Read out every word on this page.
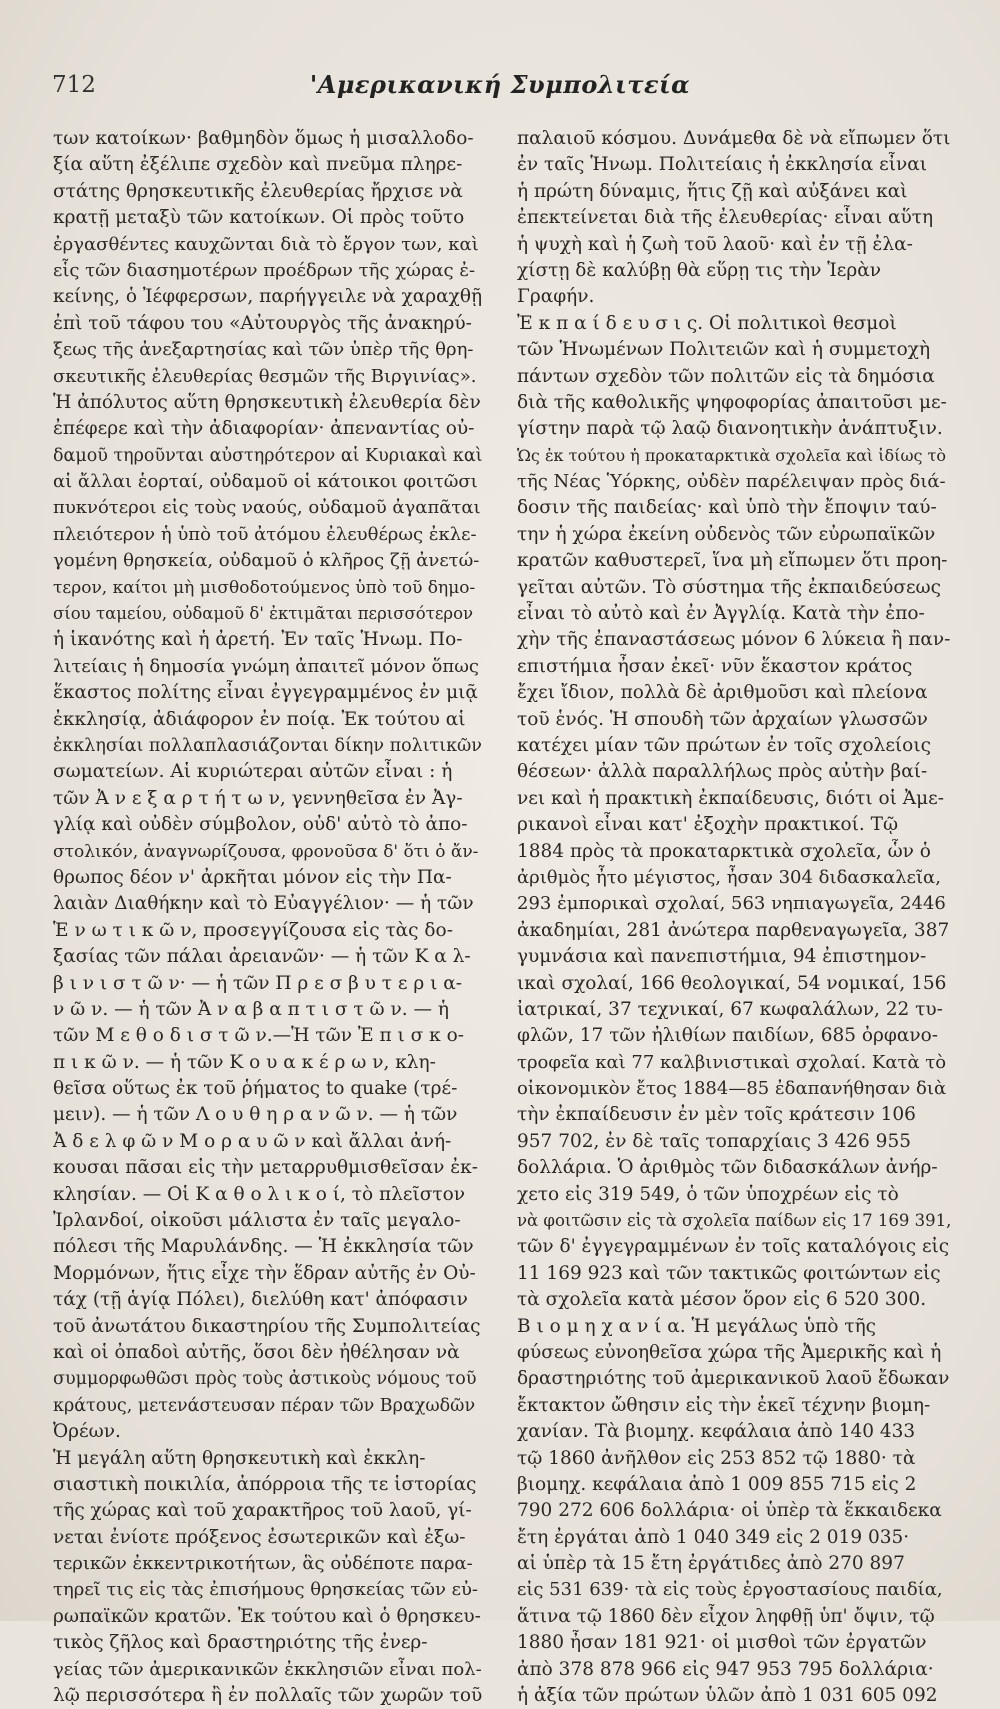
712	'Αμερικανική Συμπολιτεία
των κατοίκων· βαθμηδὸν ὅμως ἡ μισαλλοδο-
ξία αὕτη ἐξέλιπε σχεδὸν καὶ πνεῦμα πληρε-
στάτης θρησκευτικῆς ἐλευθερίας ἤρχισε νὰ
κρατῇ μεταξὺ τῶν κατοίκων. Οἱ πρὸς τοῦτο
ἐργασθέντες καυχῶνται διὰ τὸ ἔργον των, καὶ
εἷς τῶν διασημοτέρων προέδρων τῆς χώρας ἐ-
κείνης, ὁ Ἰέφφερσων, παρήγγειλε νὰ χαραχθῇ
ἐπὶ τοῦ τάφου του «Αὐτουργὸς τῆς ἀνακηρύ-
ξεως τῆς ἀνεξαρτησίας καὶ τῶν ὑπὲρ τῆς θρη-
σκευτικῆς ἐλευθερίας θεσμῶν τῆς Βιργινίας».
Ἡ ἀπόλυτος αὕτη θρησκευτικὴ ἐλευθερία δὲν
ἐπέφερε καὶ τὴν ἀδιαφορίαν· ἀπεναντίας οὐ-
δαμοῦ τηροῦνται αὐστηρότερον αἱ Κυριακαὶ καὶ
αἱ ἄλλαι ἑορταί, οὐδαμοῦ οἱ κάτοικοι φοιτῶσι
πυκνότεροι εἰς τοὺς ναούς, οὐδαμοῦ ἀγαπᾶται
πλειότερον ἡ ὑπὸ τοῦ ἀτόμου ἐλευθέρως ἐκλε-
γομένη θρησκεία, οὐδαμοῦ ὁ κλῆρος ζῇ ἀνετώ-
τερον, καίτοι μὴ μισθοδοτούμενος ὑπὸ τοῦ δημο-
σίου ταμείου, οὐδαμοῦ δ' ἐκτιμᾶται περισσότερον
ἡ ἱκανότης καὶ ἡ ἀρετή. Ἐν ταῖς Ἡνωμ. Πο-
λιτείαις ἡ δημοσία γνώμη ἀπαιτεῖ μόνον ὅπως
ἕκαστος πολίτης εἶναι ἐγγεγραμμένος ἐν μιᾷ
ἐκκλησίᾳ, ἀδιάφορον ἐν ποίᾳ. Ἐκ τούτου αἱ
ἐκκλησίαι πολλαπλασιάζονται δίκην πολιτικῶν
σωματείων. Αἱ κυριώτεραι αὐτῶν εἶναι : ἡ
τῶν Ἀ ν ε ξ α ρ τ ή τ ω ν, γεννηθεῖσα ἐν Ἀγ-
γλίᾳ καὶ οὐδὲν σύμβολον, οὐδ' αὐτὸ τὸ ἀπο-
στολικόν, ἀναγνωρίζουσα, φρονοῦσα δ' ὅτι ὁ ἄν-
θρωπος δέον ν' ἀρκῆται μόνον εἰς τὴν Πα-
λαιὰν Διαθήκην καὶ τὸ Εὐαγγέλιον· — ἡ τῶν
Ἑ ν ω τ ι κ ῶ ν, προσεγγίζουσα εἰς τὰς δο-
ξασίας τῶν πάλαι ἀρειανῶν· — ἡ τῶν Κ α λ-
β ι ν ι σ τ ῶ ν· — ἡ τῶν Π ρ ε σ β υ τ ε ρ ι α-
ν ῶ ν. — ἡ τῶν Ἀ ν α β α π τ ι σ τ ῶ ν. — ἡ
τῶν Μ ε θ ο δ ι σ τ ῶ ν.—Ἡ τῶν Ἐ π ι σ κ ο-
π ι κ ῶ ν. — ἡ τῶν Κ ο υ α κ έ ρ ω ν, κλη-
θεῖσα οὕτως ἐκ τοῦ ῥήματος to quake (τρέ-
μειν). — ἡ τῶν Λ ο υ θ η ρ α ν ῶ ν. — ἡ τῶν
Ἀ δ ε λ φ ῶ ν Μ ο ρ α υ ῶ ν καὶ ἄλλαι ἀνή-
κουσαι πᾶσαι εἰς τὴν μεταρρυθμισθεῖσαν ἐκ-
κλησίαν. — Οἱ Κ α θ ο λ ι κ ο ί, τὸ πλεῖστον
Ἰρλανδοί, οἰκοῦσι μάλιστα ἐν ταῖς μεγαλο-
πόλεσι τῆς Μαρυλάνδης. — Ἡ ἐκκλησία τῶν
Μορμόνων, ἥτις εἶχε τὴν ἕδραν αὐτῆς ἐν Οὐ-
τάχ (τῇ ἁγίᾳ Πόλει), διελύθη κατ' ἀπόφασιν
τοῦ ἀνωτάτου δικαστηρίου τῆς Συμπολιτείας
καὶ οἱ ὀπαδοὶ αὐτῆς, ὅσοι δὲν ἠθέλησαν νὰ
συμμορφωθῶσι πρὸς τοὺς ἀστικοὺς νόμους τοῦ
κράτους, μετενάστευσαν πέραν τῶν Βραχωδῶν
Ὀρέων.
Ἡ μεγάλη αὕτη θρησκευτικὴ καὶ ἐκκλη-
σιαστικὴ ποικιλία, ἀπόρροια τῆς τε ἱστορίας
τῆς χώρας καὶ τοῦ χαρακτῆρος τοῦ λαοῦ, γί-
νεται ἐνίοτε πρόξενος ἐσωτερικῶν καὶ ἐξω-
τερικῶν ἐκκεντρικοτήτων, ἃς οὐδέποτε παρα-
τηρεῖ τις εἰς τὰς ἐπισήμους θρησκείας τῶν εὐ-
ρωπαϊκῶν κρατῶν. Ἐκ τούτου καὶ ὁ θρησκευ-
τικὸς ζῆλος καὶ δραστηριότης τῆς ἐνερ-
γείας τῶν ἀμερικανικῶν ἐκκλησιῶν εἶναι πολ-
λῷ περισσότερα ἢ ἐν πολλαῖς τῶν χωρῶν τοῦ
παλαιοῦ κόσμου. Δυνάμεθα δὲ νὰ εἴπωμεν ὅτι
ἐν ταῖς Ἡνωμ. Πολιτείαις ἡ ἐκκλησία εἶναι
ἡ πρώτη δύναμις, ἥτις ζῇ καὶ αὐξάνει καὶ
ἐπεκτείνεται διὰ τῆς ἐλευθερίας· εἶναι αὕτη
ἡ ψυχὴ καὶ ἡ ζωὴ τοῦ λαοῦ· καὶ ἐν τῇ ἐλα-
χίστῃ δὲ καλύβῃ θὰ εὕρῃ τις τὴν Ἱερὰν
Γραφήν.
Ἐ κ π α ί δ ε υ σ ι ς. Οἱ πολιτικοὶ θεσμοὶ
τῶν Ἡνωμένων Πολιτειῶν καὶ ἡ συμμετοχὴ
πάντων σχεδὸν τῶν πολιτῶν εἰς τὰ δημόσια
διὰ τῆς καθολικῆς ψηφοφορίας ἀπαιτοῦσι με-
γίστην παρὰ τῷ λαῷ διανοητικὴν ἀνάπτυξιν.
Ὡς ἐκ τούτου ἡ προκαταρκτικὰ σχολεῖα καὶ ἰδίως τὸ
τῆς Νέας Ὑόρκης, οὐδὲν παρέλειψαν πρὸς διά-
δοσιν τῆς παιδείας· καὶ ὑπὸ τὴν ἔποψιν ταύ-
την ἡ χώρα ἐκείνη οὐδενὸς τῶν εὐρωπαϊκῶν
κρατῶν καθυστερεῖ, ἵνα μὴ εἴπωμεν ὅτι προη-
γεῖται αὐτῶν. Τὸ σύστημα τῆς ἐκπαιδεύσεως
εἶναι τὸ αὐτὸ καὶ ἐν Ἀγγλίᾳ. Κατὰ τὴν ἐπο-
χὴν τῆς ἐπαναστάσεως μόνον 6 λύκεια ἢ παν-
επιστήμια ἦσαν ἐκεῖ· νῦν ἕκαστον κράτος
ἔχει ἴδιον, πολλὰ δὲ ἀριθμοῦσι καὶ πλείονα
τοῦ ἑνός. Ἡ σπουδὴ τῶν ἀρχαίων γλωσσῶν
κατέχει μίαν τῶν πρώτων ἐν τοῖς σχολείοις
θέσεων· ἀλλὰ παραλλήλως πρὸς αὐτὴν βαί-
νει καὶ ἡ πρακτικὴ ἐκπαίδευσις, διότι οἱ Ἀμε-
ρικανοὶ εἶναι κατ' ἐξοχὴν πρακτικοί. Τῷ
1884 πρὸς τὰ προκαταρκτικὰ σχολεῖα, ὧν ὁ
ἀριθμὸς ἦτο μέγιστος, ἦσαν 304 διδασκαλεῖα,
293 ἐμπορικαὶ σχολαί, 563 νηπιαγωγεῖα, 2446
ἀκαδημίαι, 281 ἀνώτερα παρθεναγωγεῖα, 387
γυμνάσια καὶ πανεπιστήμια, 94 ἐπιστημον-
ικαὶ σχολαί, 166 θεολογικαί, 54 νομικαί, 156
ἰατρικαί, 37 τεχνικαί, 67 κωφαλάλων, 22 τυ-
φλῶν, 17 τῶν ἠλιθίων παιδίων, 685 ὀρφανο-
τροφεῖα καὶ 77 καλβινιστικαὶ σχολαί. Κατὰ τὸ
οἰκονομικὸν ἔτος 1884—85 ἐδαπανήθησαν διὰ
τὴν ἐκπαίδευσιν ἐν μὲν τοῖς κράτεσιν 106
957 702, ἐν δὲ ταῖς τοπαρχίαις 3 426 955
δολλάρια. Ὁ ἀριθμὸς τῶν διδασκάλων ἀνήρ-
χετο εἰς 319 549, ὁ τῶν ὑποχρέων εἰς τὸ
νὰ φοιτῶσιν εἰς τὰ σχολεῖα παίδων εἰς 17 169 391,
τῶν δ' ἐγγεγραμμένων ἐν τοῖς καταλόγοις εἰς
11 169 923 καὶ τῶν τακτικῶς φοιτώντων εἰς
τὰ σχολεῖα κατὰ μέσον ὅρον εἰς 6 520 300.
Β ι ο μ η χ α ν ί α. Ἡ μεγάλως ὑπὸ τῆς
φύσεως εὐνοηθεῖσα χώρα τῆς Ἀμερικῆς καὶ ἡ
δραστηριότης τοῦ ἀμερικανικοῦ λαοῦ ἔδωκαν
ἔκτακτον ὤθησιν εἰς τὴν ἐκεῖ τέχνην βιομη-
χανίαν. Τὰ βιομηχ. κεφάλαια ἀπὸ 140 433
τῷ 1860 ἀνῆλθον εἰς 253 852 τῷ 1880· τὰ
βιομηχ. κεφάλαια ἀπὸ 1 009 855 715 εἰς 2
790 272 606 δολλάρια· οἱ ὑπὲρ τὰ ἕκκαιδεκα
ἔτη ἐργάται ἀπὸ 1 040 349 εἰς 2 019 035·
αἱ ὑπὲρ τὰ 15 ἔτη ἐργάτιδες ἀπὸ 270 897
εἰς 531 639· τὰ εἰς τοὺς ἐργοστασίους παιδία,
ἅτινα τῷ 1860 δὲν εἶχον ληφθῇ ὑπ' ὄψιν, τῷ
1880 ἦσαν 181 921· οἱ μισθοὶ τῶν ἐργατῶν
ἀπὸ 378 878 966 εἰς 947 953 795 δολλάρια·
ἡ ἀξία τῶν πρώτων ὑλῶν ἀπὸ 1 031 605 092
